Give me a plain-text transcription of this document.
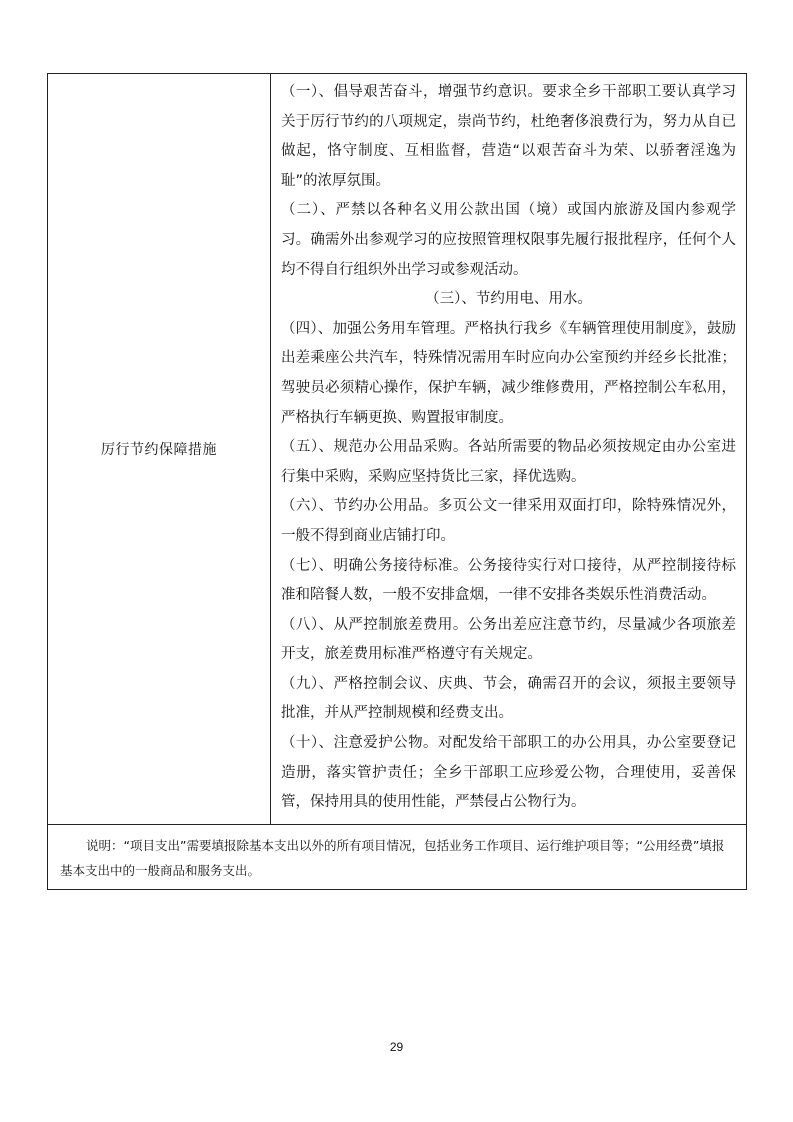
厉行节约保障措施	

（一）、倡导艰苦奋斗，增强节约意识。要求全乡干部职工要认真学习关于厉行节约的八项规定，崇尚节约，杜绝奢侈浪费行为，努力从自已做起，恪守制度、互相监督，营造“以艰苦奋斗为荣、以骄奢淫逸为耻”的浓厚氛围。

（二）、严禁以各种名义用公款出国（境）或国内旅游及国内参观学习。确需外出参观学习的应按照管理权限事先履行报批程序，任何个人均不得自行组织外出学习或参观活动。

（三）、节约用电、用水。

（四）、加强公务用车管理。严格执行我乡《车辆管理使用制度》，鼓励出差乘座公共汽车，特殊情况需用车时应向办公室预约并经乡长批准；驾驶员必须精心操作，保护车辆，减少维修费用，严格控制公车私用，严格执行车辆更换、购置报审制度。

（五）、规范办公用品采购。各站所需要的物品必须按规定由办公室进行集中采购，采购应坚持货比三家，择优选购。

（六）、节约办公用品。多页公文一律采用双面打印，除特殊情况外，一般不得到商业店铺打印。

（七）、明确公务接待标准。公务接待实行对口接待，从严控制接待标准和陪餐人数，一般不安排盒烟，一律不安排各类娱乐性消费活动。

（八）、从严控制旅差费用。公务出差应注意节约，尽量减少各项旅差开支，旅差费用标准严格遵守有关规定。

（九）、严格控制会议、庆典、节会，确需召开的会议，须报主要领导批准，并从严控制规模和经费支出。

（十）、注意爱护公物。对配发给干部职工的办公用具，办公室要登记造册，落实管护责任；全乡干部职工应珍爱公物，合理使用，妥善保管，保持用具的使用性能，严禁侵占公物行为。

说明：“项目支出”需要填报除基本支出以外的所有项目情况，包括业务工作项目、运行维护项目等；“公用经费”填报基本支出中的一般商品和服务支出。

29
